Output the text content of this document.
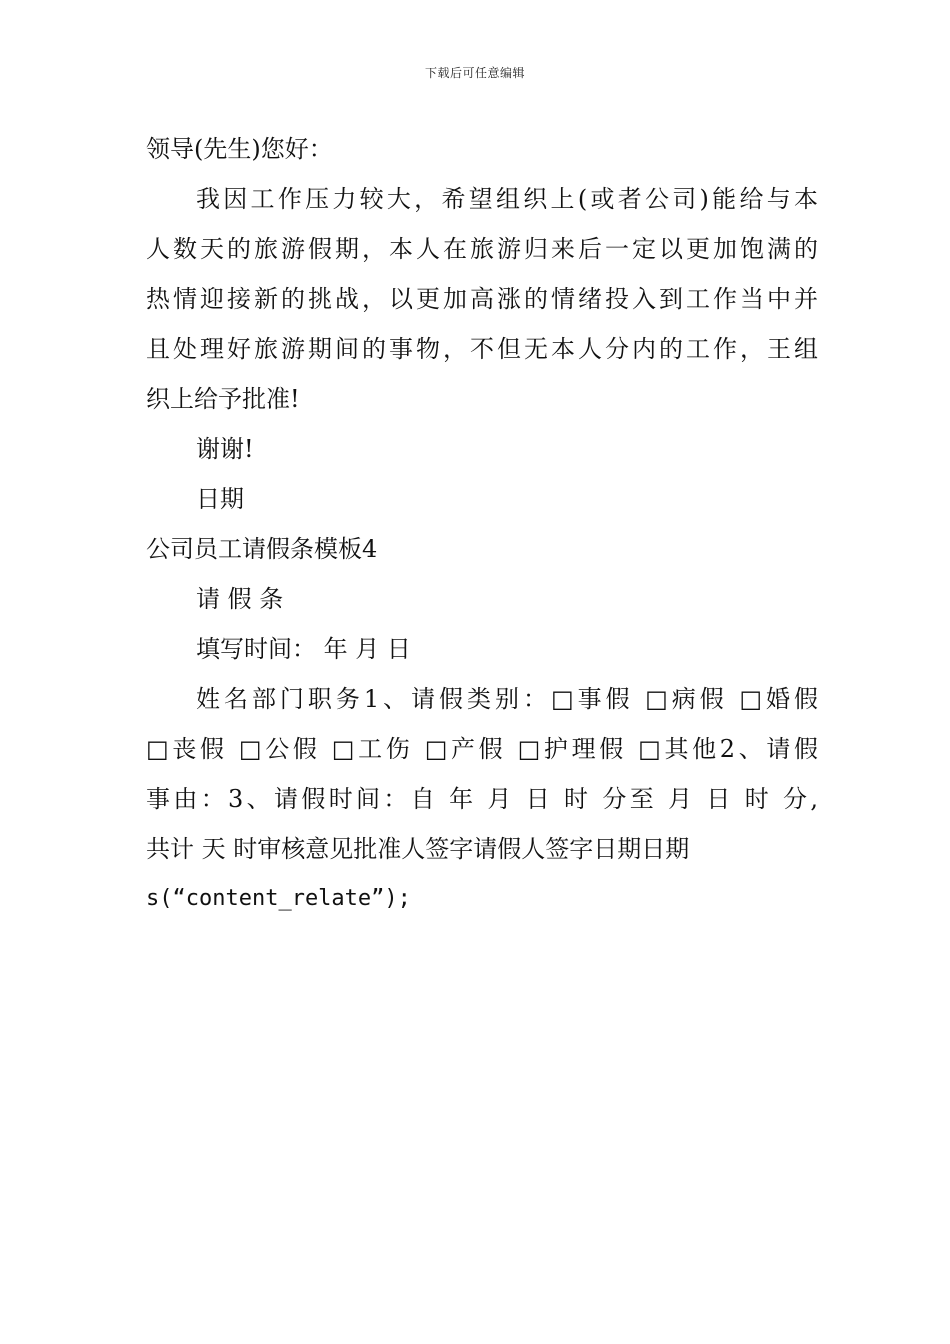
下载后可任意编辑
领导(先生)您好：
我因工作压力较大，希望组织上(或者公司)能给与本
人数天的旅游假期，本人在旅游归来后一定以更加饱满的
热情迎接新的挑战，以更加高涨的情绪投入到工作当中并
且处理好旅游期间的事物，不但无本人分内的工作，王组
织上给予批准!
谢谢!
日期
公司员工请假条模板4
请 假 条
填写时间： 年 月 日
姓名部门职务1、请假类别：□事假 □病假 □婚假
□丧假 □公假 □工伤 □产假 □护理假 □其他2、请假
事由：3、请假时间：自 年 月 日 时 分至 月 日 时 分,
共计 天 时审核意见批准人签字请假人签字日期日期
s(“content_relate”);
